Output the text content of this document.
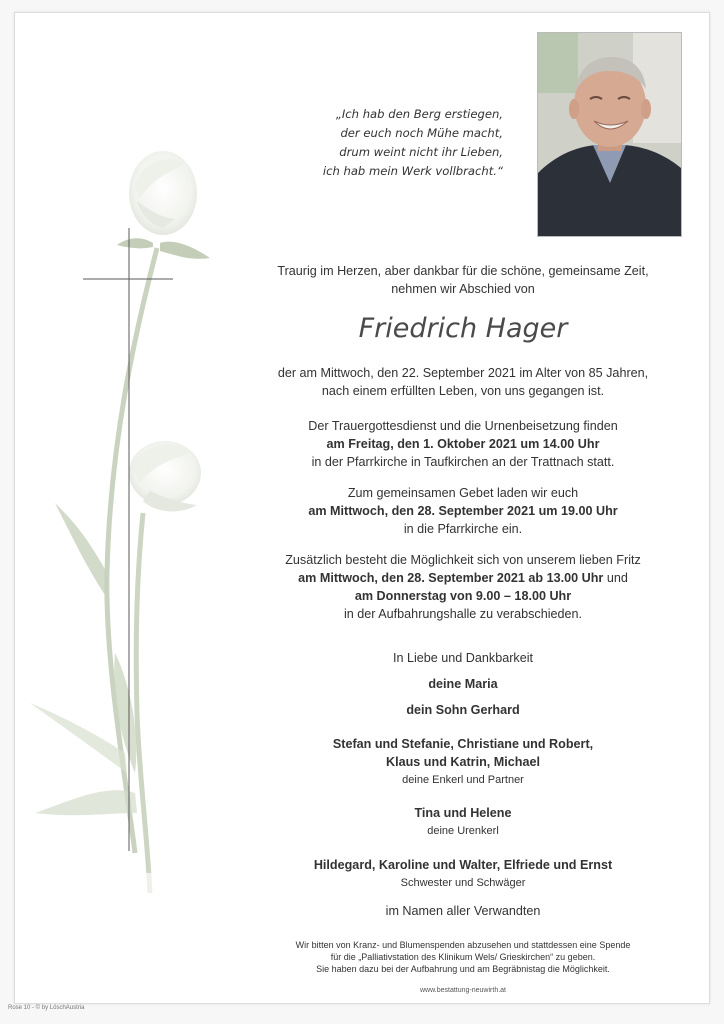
„Ich hab den Berg erstiegen,
der euch noch Mühe macht,
drum weint nicht ihr Lieben,
ich hab mein Werk vollbracht.“
Traurig im Herzen, aber dankbar für die schöne, gemeinsame Zeit,
nehmen wir Abschied von
Friedrich Hager
der am Mittwoch, den 22. September 2021 im Alter von 85 Jahren,
nach einem erfüllten Leben, von uns gegangen ist.
Der Trauergottesdienst und die Urnenbeisetzung finden
am Freitag, den 1. Oktober 2021 um 14.00 Uhr
in der Pfarrkirche in Taufkirchen an der Trattnach statt.
Zum gemeinsamen Gebet laden wir euch
am Mittwoch, den 28. September 2021 um 19.00 Uhr
in die Pfarrkirche ein.
Zusätzlich besteht die Möglichkeit sich von unserem lieben Fritz
am Mittwoch, den 28. September 2021 ab 13.00 Uhr und
am Donnerstag von 9.00 – 18.00 Uhr
in der Aufbahrungshalle zu verabschieden.
In Liebe und Dankbarkeit
deine Maria
dein Sohn Gerhard
Stefan und Stefanie, Christiane und Robert,
Klaus und Katrin, Michael
deine Enkerl und Partner
Tina und Helene
deine Urenkerl
Hildegard, Karoline und Walter, Elfriede und Ernst
Schwester und Schwäger
im Namen aller Verwandten
Wir bitten von Kranz- und Blumenspenden abzusehen und stattdessen eine Spende
für die „Palliativstation des Klinikum Wels/ Grieskirchen“ zu geben.
Sie haben dazu bei der Aufbahrung und am Begräbnistag die Möglichkeit.
www.bestattung-neuwirth.at
Rose 10 - © by LöschAustria
